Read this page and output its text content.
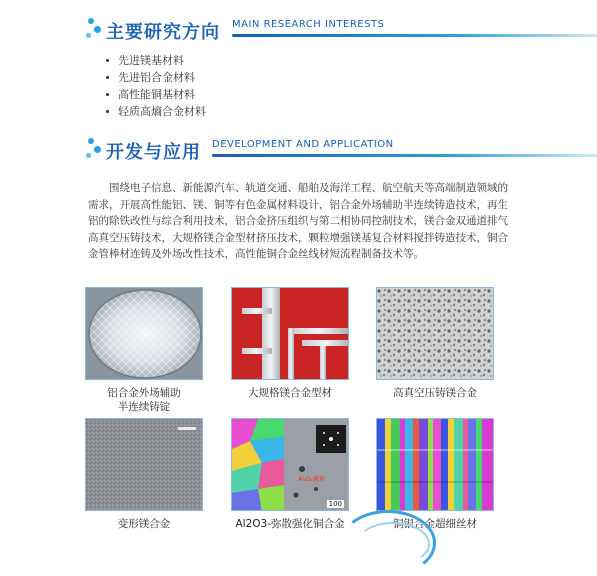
主要研究方向 MAIN RESEARCH INTERESTS
先进镁基材料
先进铝合金材料
高性能铜基材料
轻质高熵合金材料
开发与应用 DEVELOPMENT AND APPLICATION

围绕电子信息、新能源汽车、轨道交通、船舶及海洋工程、航空航天等高端制造领域的需求，开展高性能铝、镁、铜等有色金属材料设计，铝合金外场辅助半连续铸造技术，再生铝的除铁改性与综合利用技术，铝合金挤压组织与第二相协同控制技术，镁合金双通道排气高真空压铸技术，大规格镁合金型材挤压技术，颗粒增强镁基复合材料搅拌铸造技术，铜合金管棒材连铸及外场改性技术，高性能铜合金丝线材短流程制备技术等。

铝合金外场辅助
半连续铸锭
大规格镁合金型材	高真空压铸镁合金
变形镁合金
Al₂O₃颗粒
100
Al2O3-弥散强化铜合金	铜银合金超细丝材
